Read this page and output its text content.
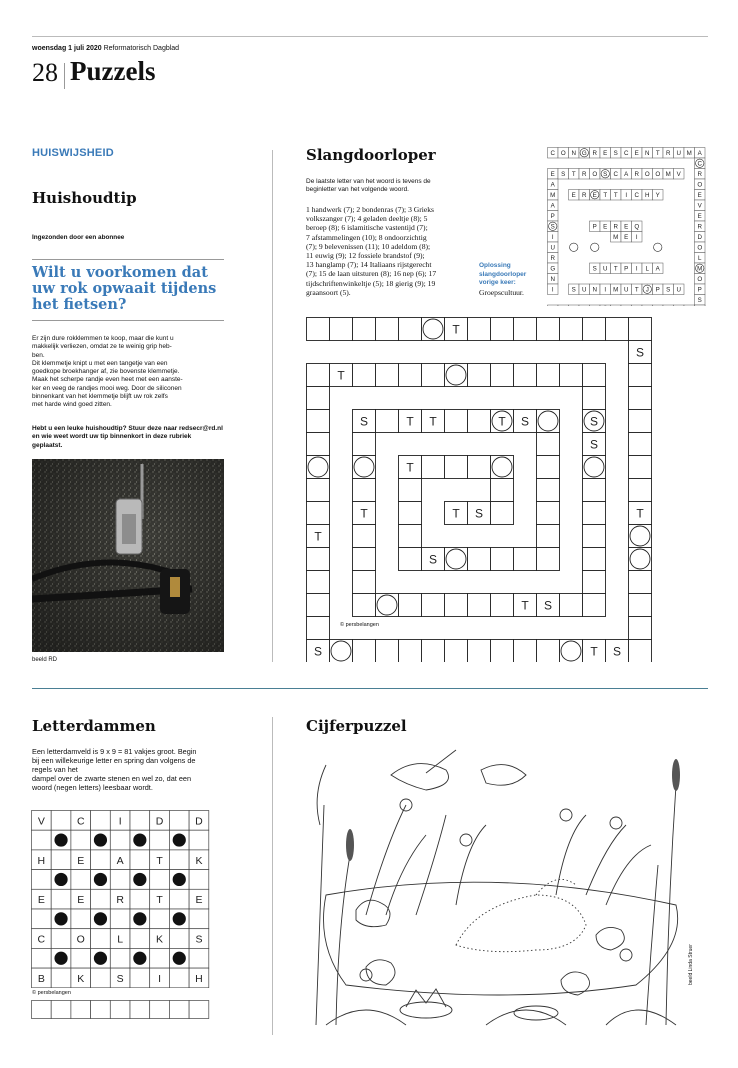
woensdag 1 juli 2020 Reformatorisch Dagblad
28 Puzzels
HUISWIJSHEID
Huishoudtip
Ingezonden door een abonnee
Wilt u voorkomen dat uw rok opwaait tijdens het fietsen?
Er zijn dure rokklemmen te koop, maar die kunt u
makkelijk verliezen, omdat ze te weinig grip heb-
ben.
Dit klemmetje knipt u met een tangetje van een
goedkope broekhanger af, zie bovenste klemmetje.
Maak het scherpe randje even heet met een aanste-
ker en veeg de randjes mooi weg. Door de siliconen
binnenkant van het klemmetje blijft uw rok zelfs
met harde wind goed zitten.
Hebt u een leuke huishoudtip? Stuur deze naar redsecr@rd.nl
en wie weet wordt uw tip binnenkort in deze rubriek
geplaatst.
beeld RD
Slangdoorloper
De laatste letter van het woord is tevens de
beginletter van het volgende woord.
1 handwerk (7); 2 bondenras (7); 3 Grieks
volkszanger (7); 4 geladen deeltje (8); 5
beroep (8); 6 islamitische vastentijd (7);
7 afstammelingen (10); 8 ondoorzichtig
(7); 9 belevenissen (11); 10 adeldom (8);
11 euwig (9); 12 fossiele brandstof (9);
13 hanglamp (7); 14 Italiaans rijstgerecht
(7); 15 de laan uitsturen (8); 16 nep (6); 17
tijdschriftenwinkeltje (5); 18 gierig (9); 19
graansoort (5).
Oplossing
slangdoorloper
vorige keer:
Groepscultuur.
C O N G R E S C E N T R U M A
E S T R O S C A R O O M V
A
M
A
P
S
I
U
R
G
N
I
C
R
O
E
V
E
R
D
O
L
M
O
P
S
E R E T T I C H Y
P E R E Q
M E I
S U T P I L A
S U N I M U T J P S U
T
S
T
S	T S
T
T
S
S
T S
S
T
T T	T S
S
T
T S
© persbelangen
Letterdammen
Een letterdamveld is 9 x 9 = 81 vakjes groot. Begin
bij een willekeurige letter en spring dan volgens de
regels van het
dampel over de zwarte stenen en wel zo, dat een
woord (negen letters) leesbaar wordt.
V	C	I	D	D
H	E	A	T	K
E	E	R	T	E
C	O	L	K	S
B	K	S	I	H
© persbelangen
Cijferpuzzel
beeld Linda Struer
